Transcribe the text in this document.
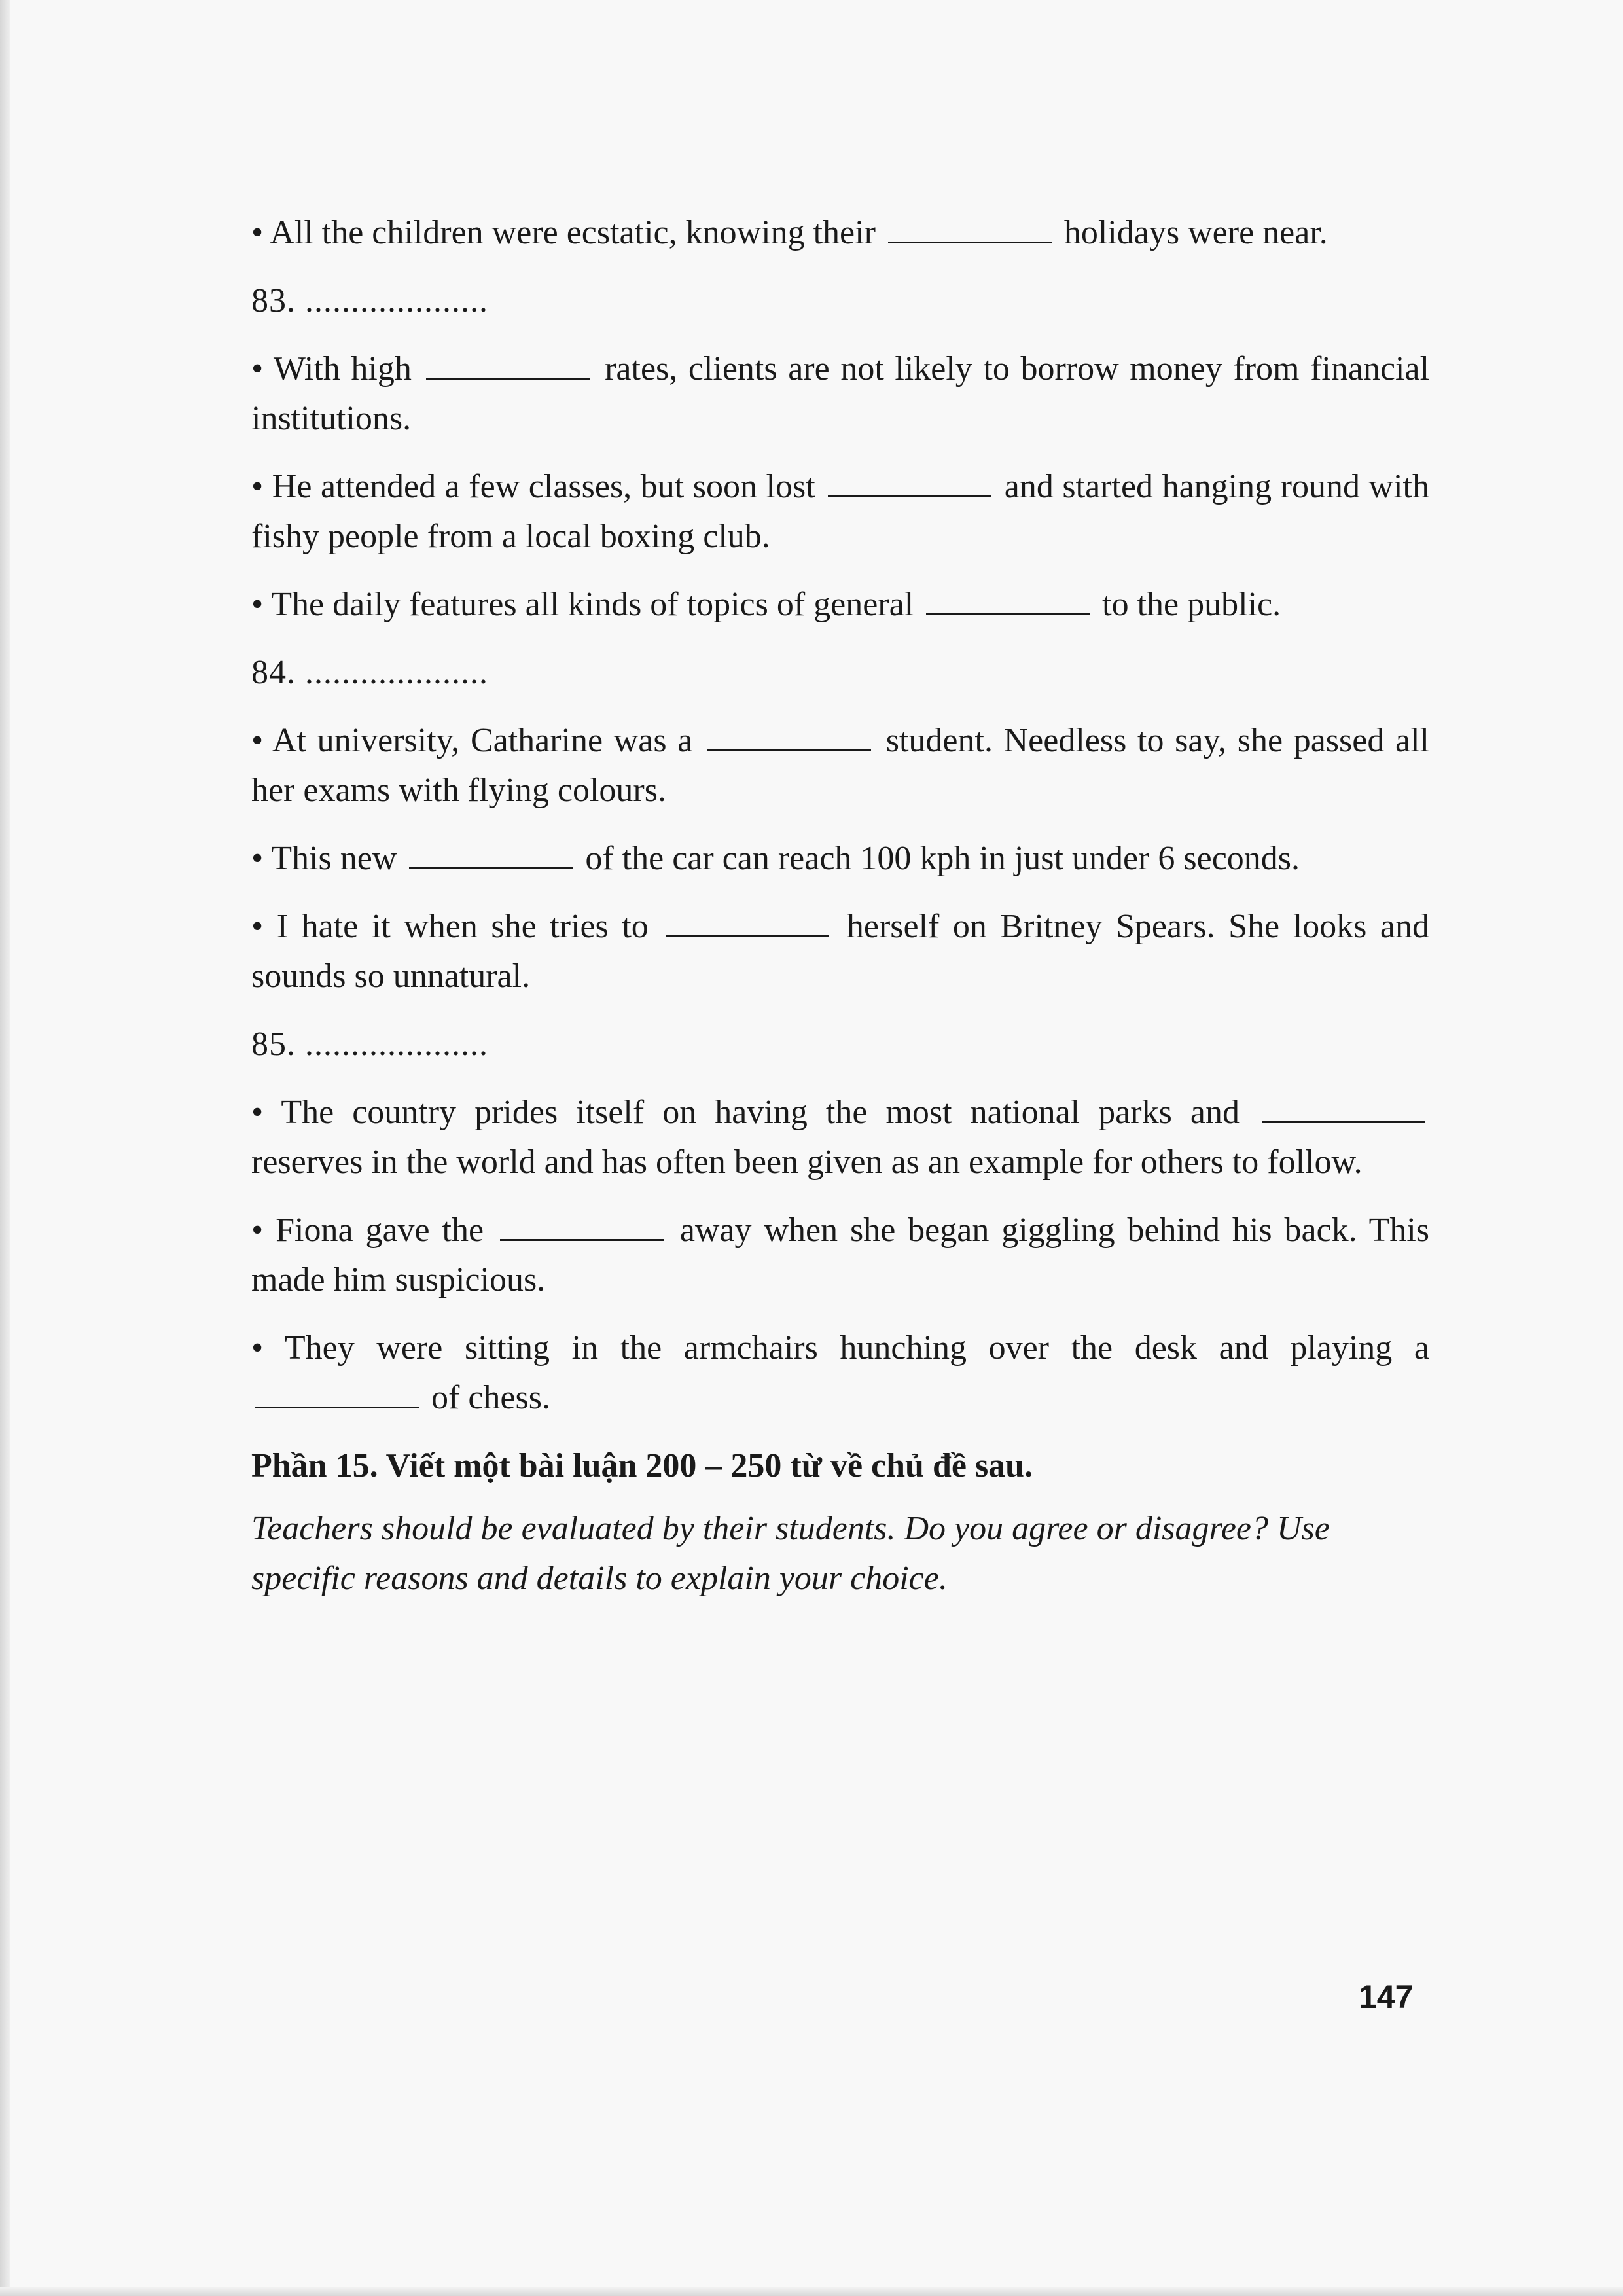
• All the children were ecstatic, knowing their	holidays were near.

83. ....................

• With high	rates, clients are not likely to borrow money from financial institutions.

• He attended a few classes, but soon lost	and started hanging round with fishy people from a local boxing club.

• The daily features all kinds of topics of general	to the public.

84. ....................

• At university, Catharine was a	student. Needless to say, she passed all her exams with flying colours.

• This new	of the car can reach 100 kph in just under 6 seconds.

• I hate it when she tries to	herself on Britney Spears. She looks and sounds so unnatural.

85. ....................

• The country prides itself on having the most national parks and  reserves in the world and has often been given as an example for others to follow.

• Fiona gave the	away when she began giggling behind his back. This made him suspicious.

• They were sitting in the armchairs hunching over the desk and playing a  of chess.

Phần 15. Viết một bài luận 200 – 250 từ về chủ đề sau.

Teachers should be evaluated by their students. Do you agree or disagree? Use specific reasons and details to explain your choice.

147
